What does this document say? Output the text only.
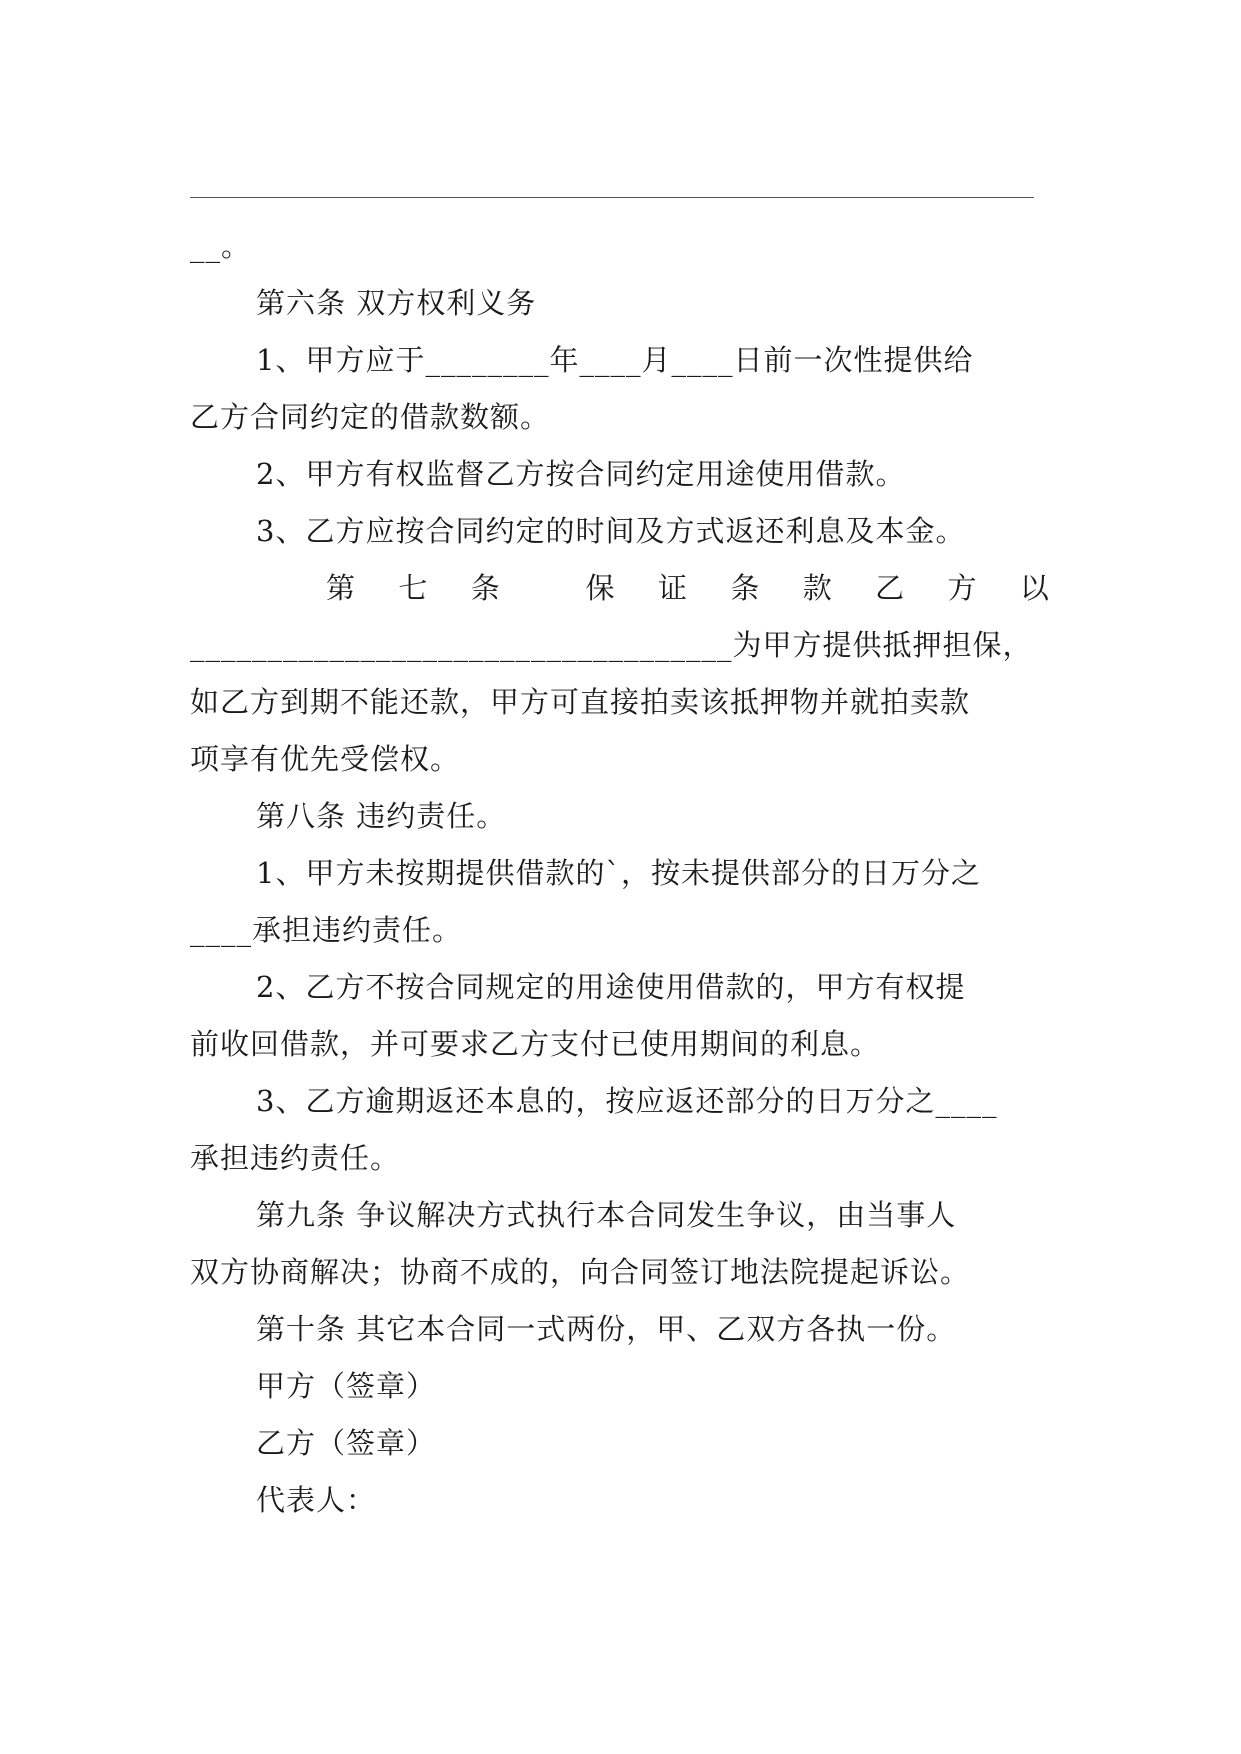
__。
第六条 双方权利义务
1、甲方应于________年____月____日前一次性提供给
乙方合同约定的借款数额。
2、甲方有权监督乙方按合同约定用途使用借款。
3、乙方应按合同约定的时间及方式返还利息及本金。
第 七 条	保 证 条 款 乙 方 以
___________________________________为甲方提供抵押担保，
如乙方到期不能还款，甲方可直接拍卖该抵押物并就拍卖款
项享有优先受偿权。
第八条 违约责任。
1、甲方未按期提供借款的`，按未提供部分的日万分之
____承担违约责任。
2、乙方不按合同规定的用途使用借款的，甲方有权提
前收回借款，并可要求乙方支付已使用期间的利息。
3、乙方逾期返还本息的，按应返还部分的日万分之____
承担违约责任。
第九条 争议解决方式执行本合同发生争议，由当事人
双方协商解决；协商不成的，向合同签订地法院提起诉讼。
第十条 其它本合同一式两份，甲、乙双方各执一份。
甲方（签章）
乙方（签章）
代表人：
